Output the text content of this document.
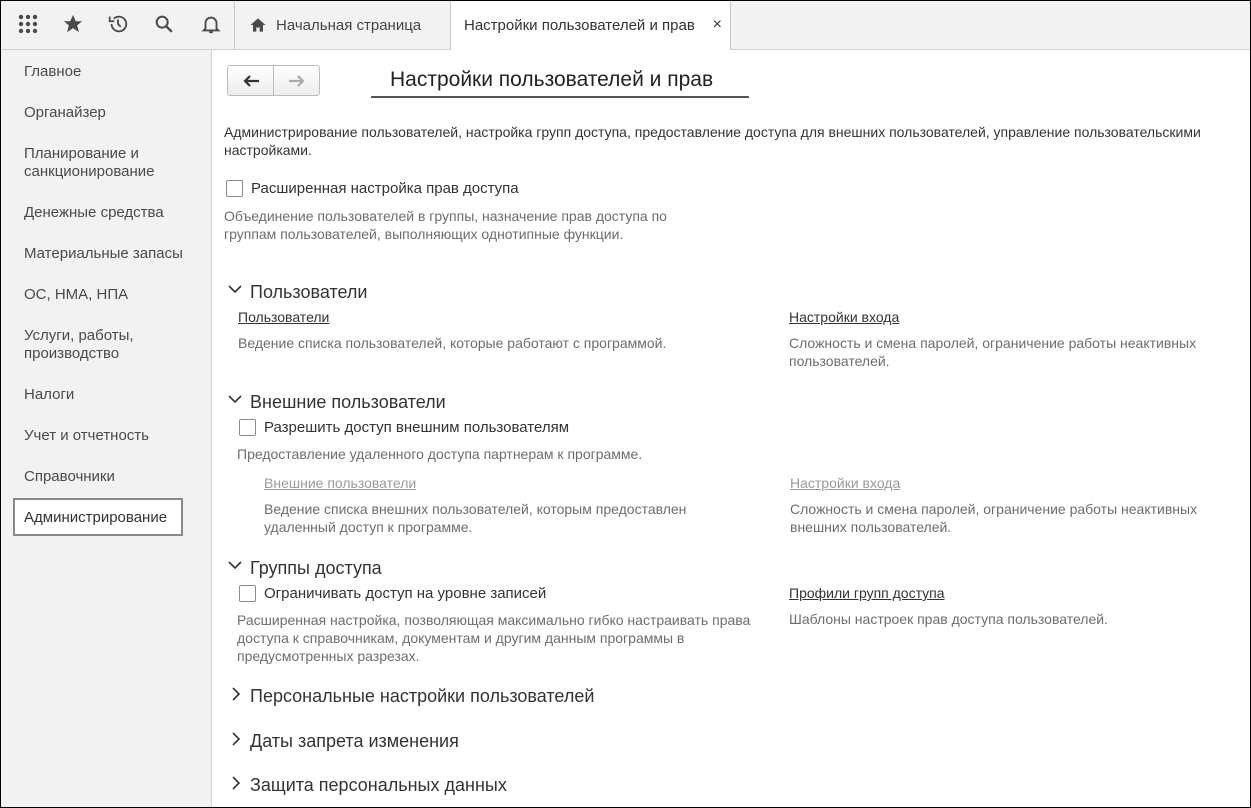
Начальная страница	Настройки пользователей и прав ×
Главное
Органайзер
Планирование и санкционирование
Денежные средства
Материальные запасы
ОС, НМА, НПА
Услуги, работы, производство
Налоги
Учет и отчетность
Справочники
Администрирование
Настройки пользователей и прав
Администрирование пользователей, настройка групп доступа, предоставление доступа для внешних пользователей, управление пользовательскими настройками.
Расширенная настройка прав доступа
Объединение пользователей в группы, назначение прав доступа по группам пользователей, выполняющих однотипные функции.
Пользователи
Пользователи
Ведение списка пользователей, которые работают с программой.
Настройки входа
Сложность и смена паролей, ограничение работы неактивных пользователей.
Внешние пользователи
Разрешить доступ внешним пользователям
Предоставление удаленного доступа партнерам к программе.
Внешние пользователи
Ведение списка внешних пользователей, которым предоставлен удаленный доступ к программе.
Настройки входа
Сложность и смена паролей, ограничение работы неактивных внешних пользователей.
Группы доступа
Ограничивать доступ на уровне записей
Расширенная настройка, позволяющая максимально гибко настраивать права доступа к справочникам, документам и другим данным программы в предусмотренных разрезах.
Профили групп доступа
Шаблоны настроек прав доступа пользователей.
Персональные настройки пользователей
Даты запрета изменения
Защита персональных данных
